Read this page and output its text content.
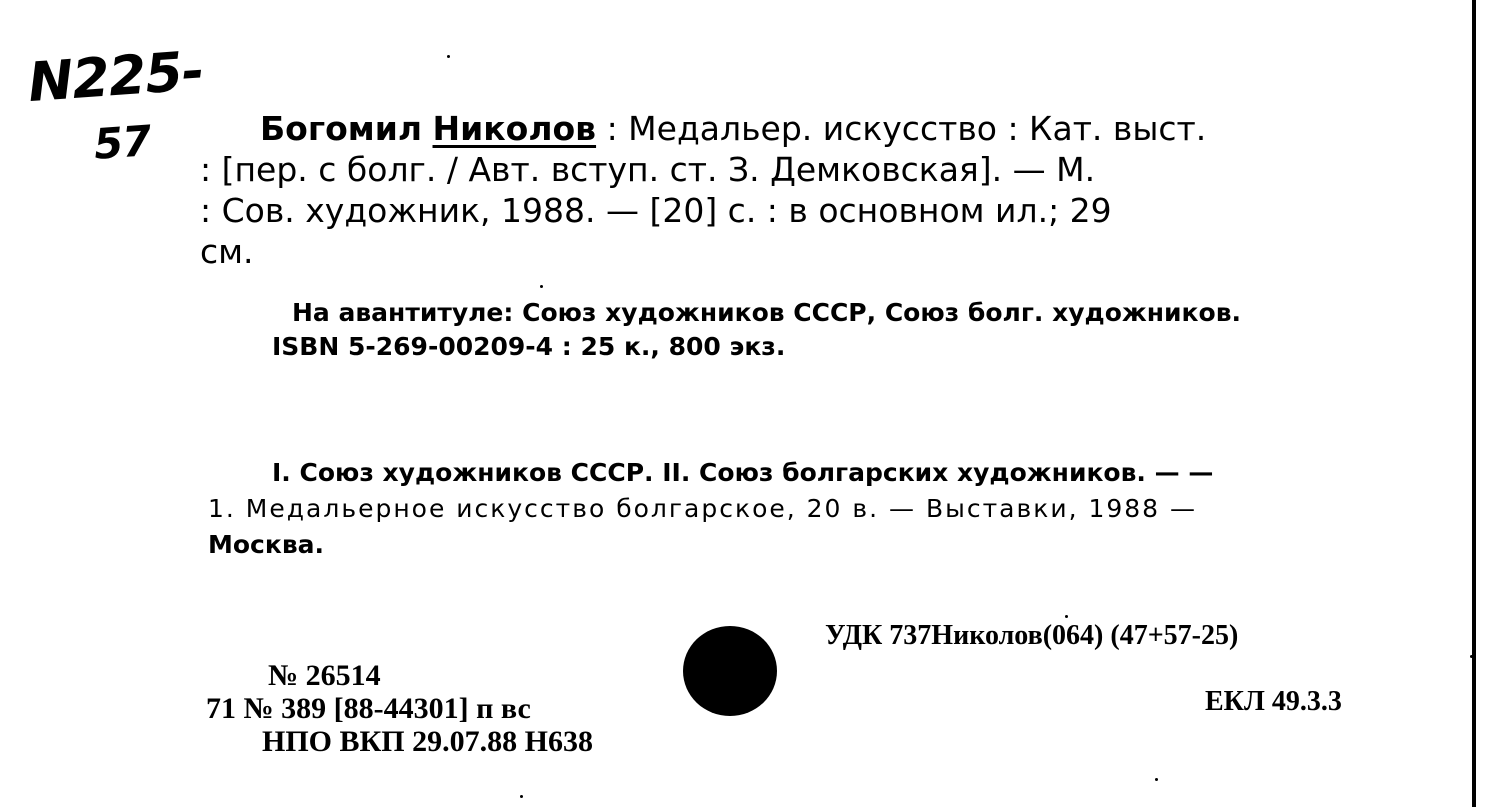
N225-
57	Богомил Николов : Медальер. искусство : Кат. выст.
: [пер. с болг. / Авт. вступ. ст. З. Демковская]. — М.
: Сов. художник, 1988. — [20] с. : в основном ил.; 29
см.
На авантитуле: Союз художников СССР, Союз болг. художников.
ISBN 5-269-00209-4 : 25 к., 800 экз.
I. Союз художников СССР. II. Союз болгарских художников. — —
1. Медальерное искусство болгарское, 20 в. — Выставки, 1988 —
Москва.
УДК 737Николов(064) (47+57-25)
ЕКЛ 49.3.3
№ 26514
71 № 389 [88-44301] п вс
НПО ВКП 29.07.88 Н638
